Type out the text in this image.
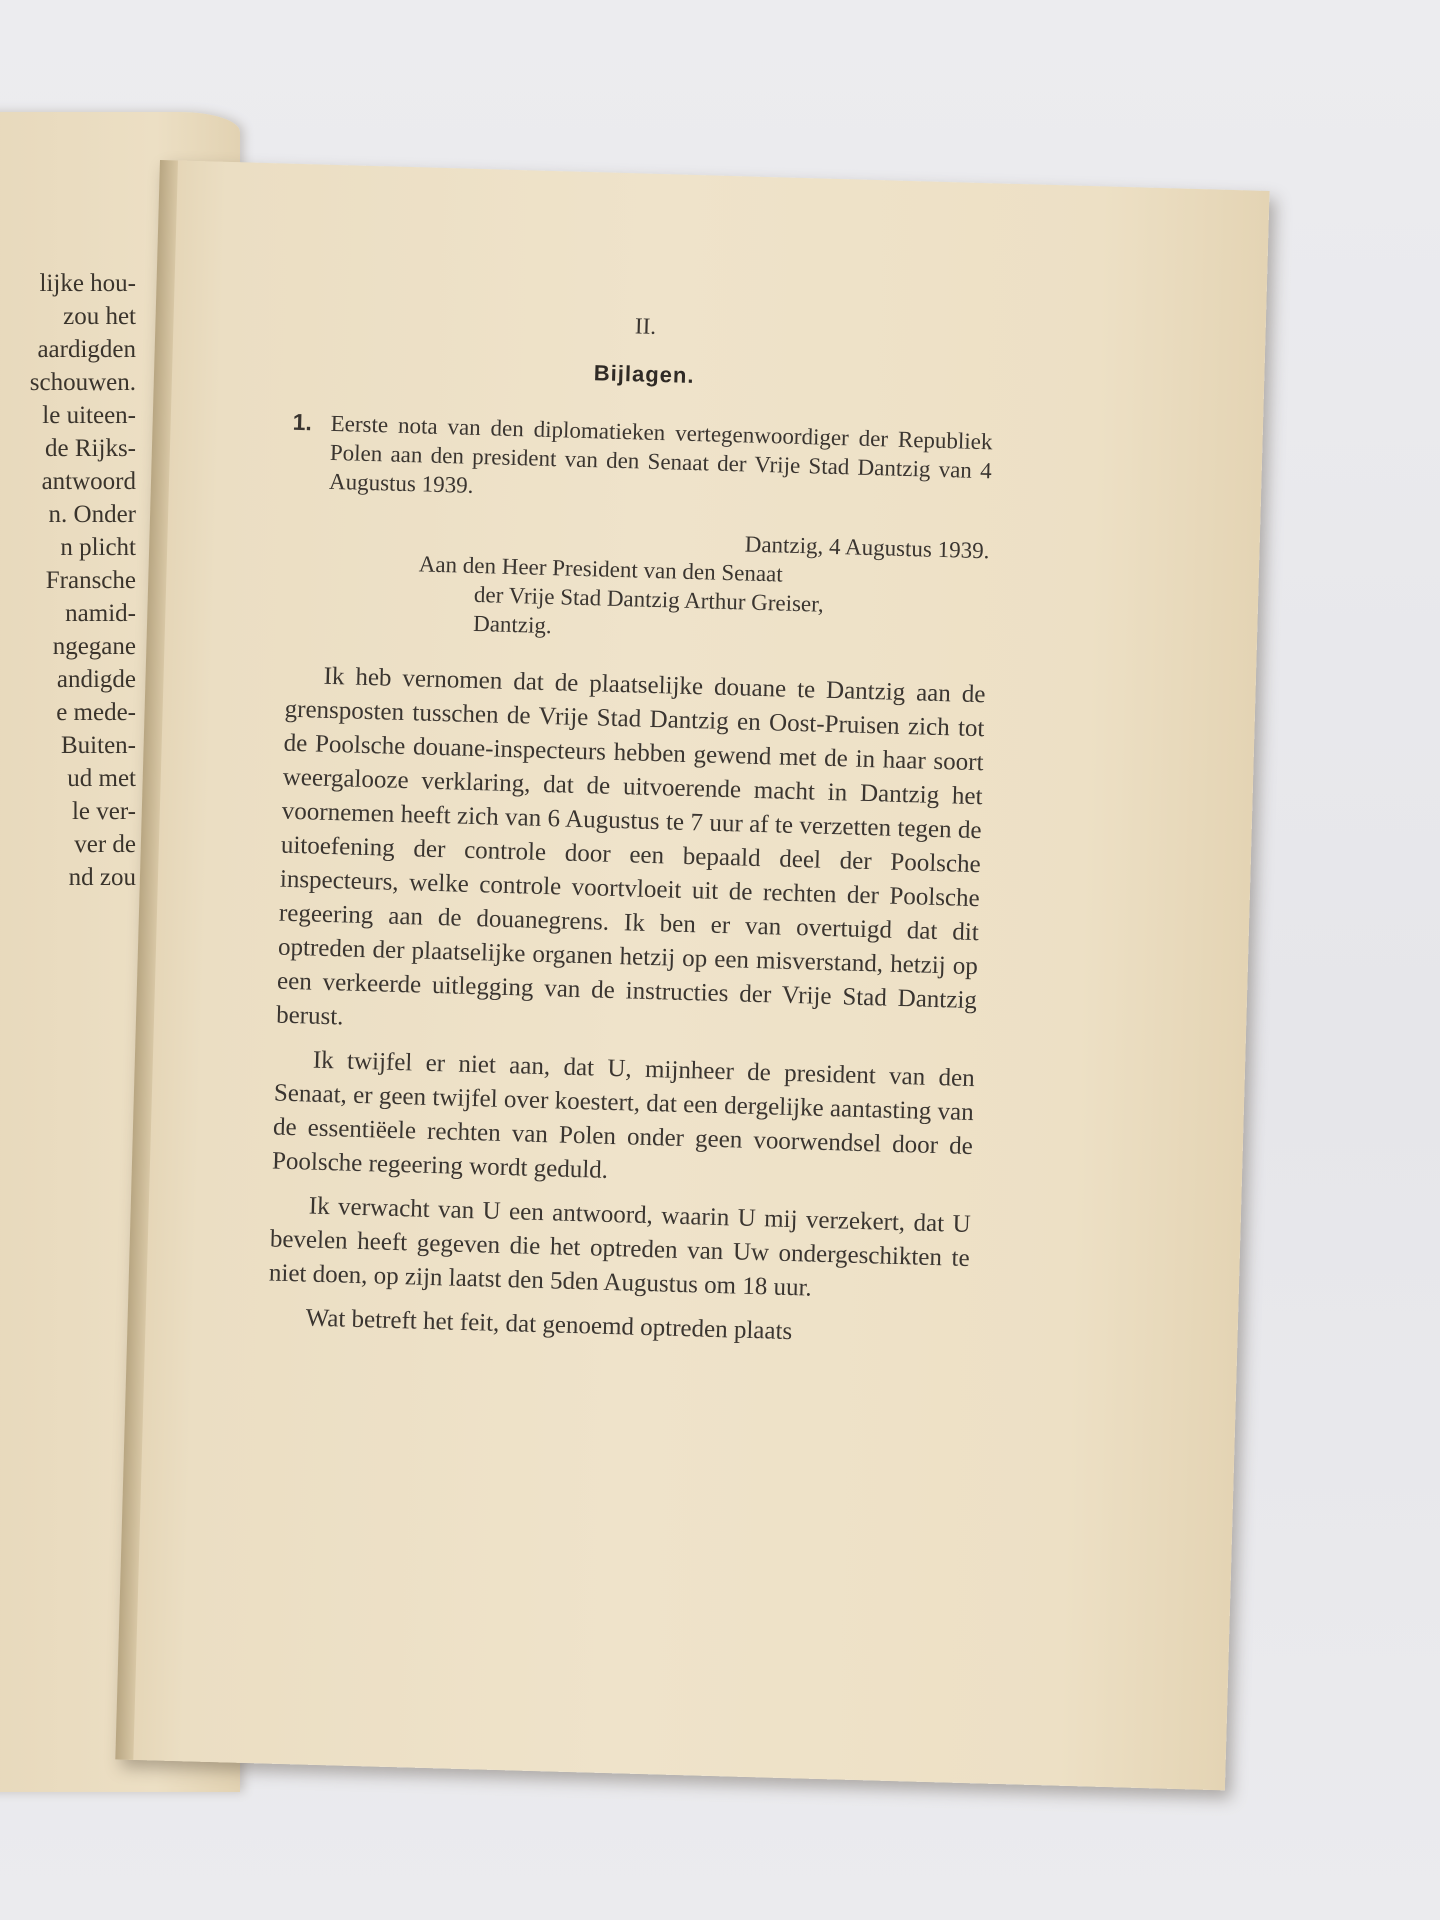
lijke hou-
zou het
aardigden
schouwen.
le uiteen-
de Rijks-
antwoord
n. Onder
n plicht
Fransche
namid-
ngegane
andigde
e mede-
Buiten-
ud met
le ver-
ver de
nd zou
II.
Bijlagen.
1. Eerste nota van den diplomatieken vertegenwoordiger der Republiek Polen aan den president van den Senaat der Vrije Stad Dantzig van 4 Augustus 1939.
Dantzig, 4 Augustus 1939.
Aan den Heer President van den Senaat
der Vrije Stad Dantzig Arthur Greiser,
Dantzig.

Ik heb vernomen dat de plaatselijke douane te Dantzig aan de grensposten tusschen de Vrije Stad Dantzig en Oost-Pruisen zich tot de Poolsche douane-inspecteurs hebben gewend met de in haar soort weergalooze verklaring, dat de uitvoerende macht in Dantzig het voornemen heeft zich van 6 Augustus te 7 uur af te verzetten tegen de uitoefening der controle door een bepaald deel der Poolsche inspecteurs, welke controle voortvloeit uit de rechten der Poolsche regeering aan de douanegrens. Ik ben er van overtuigd dat dit optreden der plaatselijke organen hetzij op een misverstand, hetzij op een verkeerde uitlegging van de instructies der Vrije Stad Dantzig berust.

Ik twijfel er niet aan, dat U, mijnheer de president van den Senaat, er geen twijfel over koestert, dat een dergelijke aantasting van de essentiëele rechten van Polen onder geen voorwendsel door de Poolsche regeering wordt geduld.

Ik verwacht van U een antwoord, waarin U mij verzekert, dat U bevelen heeft gegeven die het optreden van Uw ondergeschikten te niet doen, op zijn laatst den 5den Augustus om 18 uur.

Wat betreft het feit, dat genoemd optreden plaats
